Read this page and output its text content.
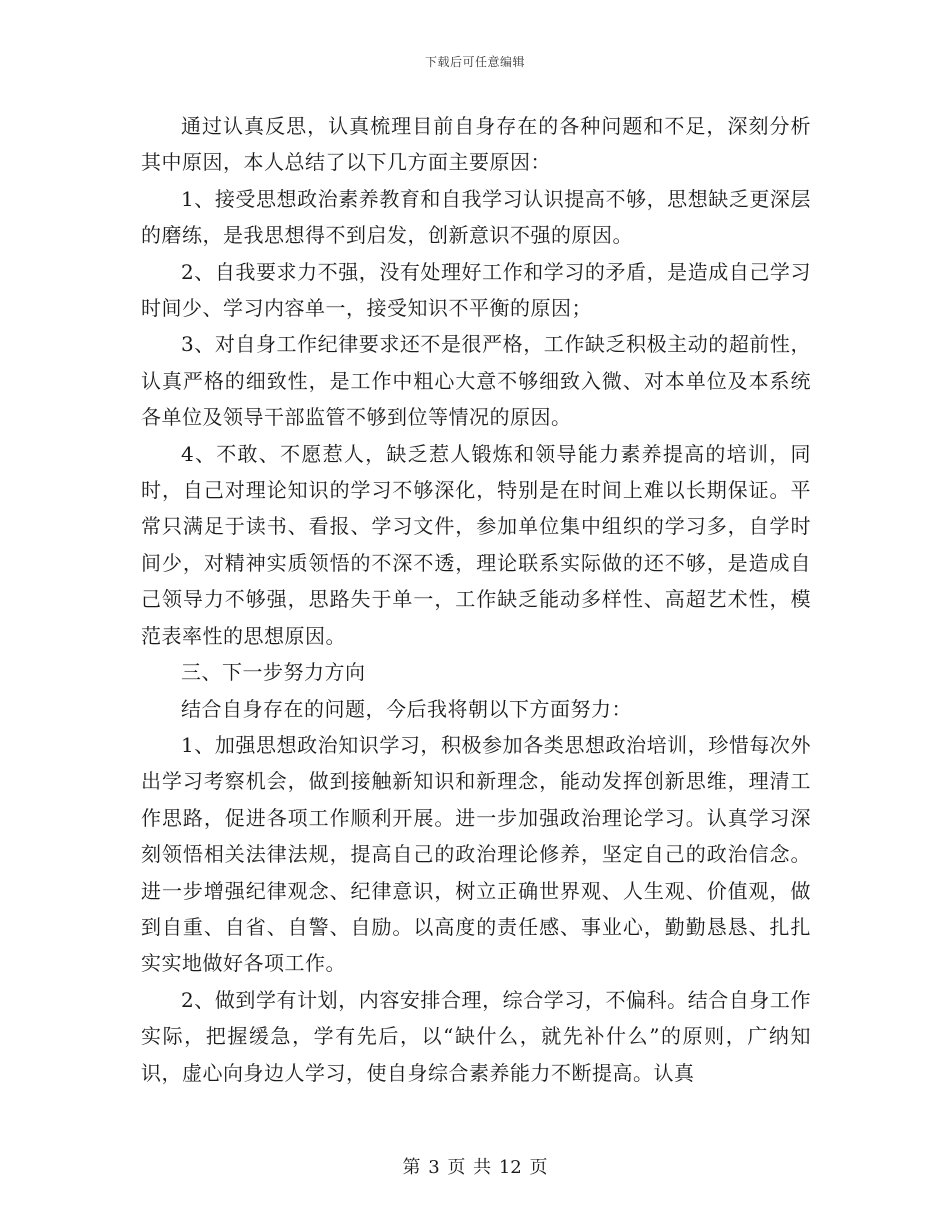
下载后可任意编辑

通过认真反思，认真梳理目前自身存在的各种问题和不足，深刻分析其中原因，本人总结了以下几方面主要原因：

1、接受思想政治素养教育和自我学习认识提高不够，思想缺乏更深层的磨练，是我思想得不到启发，创新意识不强的原因。

2、自我要求力不强，没有处理好工作和学习的矛盾，是造成自己学习时间少、学习内容单一，接受知识不平衡的原因；

3、对自身工作纪律要求还不是很严格，工作缺乏积极主动的超前性，认真严格的细致性，是工作中粗心大意不够细致入微、对本单位及本系统各单位及领导干部监管不够到位等情况的原因。

4、不敢、不愿惹人，缺乏惹人锻炼和领导能力素养提高的培训，同时，自己对理论知识的学习不够深化，特别是在时间上难以长期保证。平常只满足于读书、看报、学习文件，参加单位集中组织的学习多，自学时间少，对精神实质领悟的不深不透，理论联系实际做的还不够，是造成自己领导力不够强，思路失于单一，工作缺乏能动多样性、高超艺术性，模范表率性的思想原因。

三、下一步努力方向

结合自身存在的问题，今后我将朝以下方面努力：

1、加强思想政治知识学习，积极参加各类思想政治培训，珍惜每次外出学习考察机会，做到接触新知识和新理念，能动发挥创新思维，理清工作思路，促进各项工作顺利开展。进一步加强政治理论学习。认真学习深刻领悟相关法律法规，提高自己的政治理论修养，坚定自己的政治信念。进一步增强纪律观念、纪律意识，树立正确世界观、人生观、价值观，做到自重、自省、自警、自励。以高度的责任感、事业心，勤勤恳恳、扎扎实实地做好各项工作。

2、做到学有计划，内容安排合理，综合学习，不偏科。结合自身工作实际，把握缓急，学有先后，以“缺什么，就先补什么”的原则，广纳知识，虚心向身边人学习，使自身综合素养能力不断提高。认真

第 3 页 共 12 页
